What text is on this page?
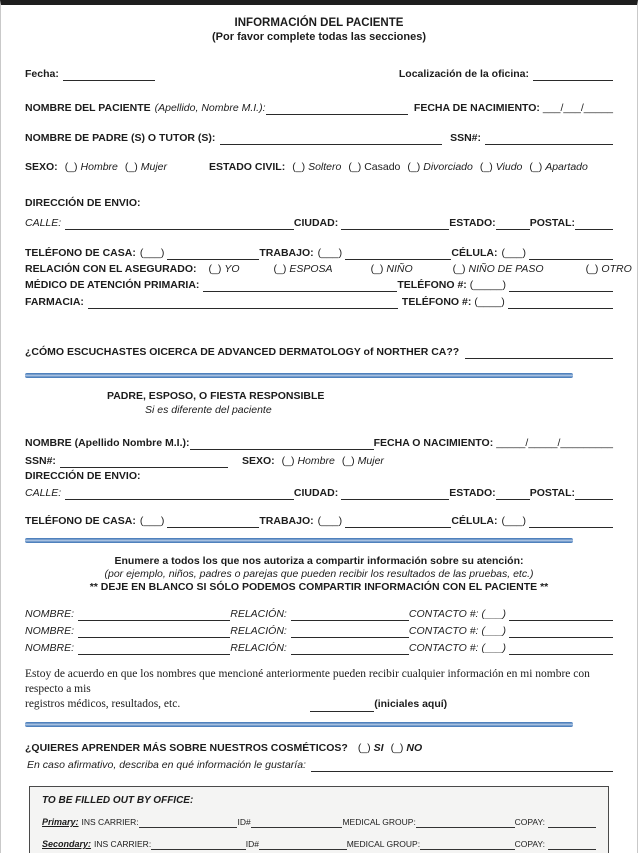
INFORMACIÓN DEL PACIENTE
(Por favor complete todas las secciones)
Fecha:	Localización de la oficina:
NOMBRE DEL PACIENTE (Apellido, Nombre M.I.):	FECHA DE NACIMIENTO: ___/___/_____
NOMBRE DE PADRE (S) O TUTOR (S):	SSN#:
SEXO: (_) Hombre (_) Mujer	ESTADO CIVIL: (_) Soltero (_) Casado (_) Divorciado (_) Viudo (_) Apartado
DIRECCIÓN DE ENVIO:
CALLE:	CIUDAD:	ESTADO:	POSTAL:
TELÉFONO DE CASA: (___)	TRABAJO: (___)	CÉLULA: (___)
RELACIÓN CON EL ASEGURADO: (_) YO	(_) ESPOSA	(_) NIÑO	(_) NIÑO DE PASO	(_) OTRO
MÉDICO DE ATENCIÓN PRIMARIA:	TELÉFONO #: (_____)
FARMACIA:	TELÉFONO #: (____)
¿CÓMO ESCUCHASTES OICERCA DE ADVANCED DERMATOLOGY of NORTHER CA??
PADRE, ESPOSO, O FIESTA RESPONSIBLE
Si es diferente del paciente
NOMBRE (Apellido Nombre M.I.):	FECHA O NACIMIENTO: _____/_____/_________
SSN#:	SEXO: (_) Hombre (_) Mujer
DIRECCIÓN DE ENVIO:
CALLE:	CIUDAD:	ESTADO:	POSTAL:
TELÉFONO DE CASA: (___)	TRABAJO: (___)	CÉLULA: (___)
Enumere a todos los que nos autoriza a compartir información sobre su atención:
(por ejemplo, niños, padres o parejas que pueden recibir los resultados de las pruebas, etc.)
** DEJE EN BLANCO SI SÓLO PODEMOS COMPARTIR INFORMACIÓN CON EL PACIENTE **
NOMBRE:	RELACIÓN:	CONTACTO #: (___)
NOMBRE:	RELACIÓN:	CONTACTO #: (___)
NOMBRE:	RELACIÓN:	CONTACTO #: (___)
Estoy de acuerdo en que los nombres que mencioné anteriormente pueden recibir cualquier información en mi nombre con respecto a mis
registros médicos, resultados, etc.	(iniciales aquí)
¿QUIERES APRENDER MÁS SOBRE NUESTROS COSMÉTICOS? (_) SI (_) NO
En caso afirmativo, describa en qué información le gustaría:
TO BE FILLED OUT BY OFFICE:
Primary: INS CARRIER:	ID#	MEDICAL GROUP:	COPAY:
Secondary: INS CARRIER:	ID#	MEDICAL GROUP:	COPAY:
